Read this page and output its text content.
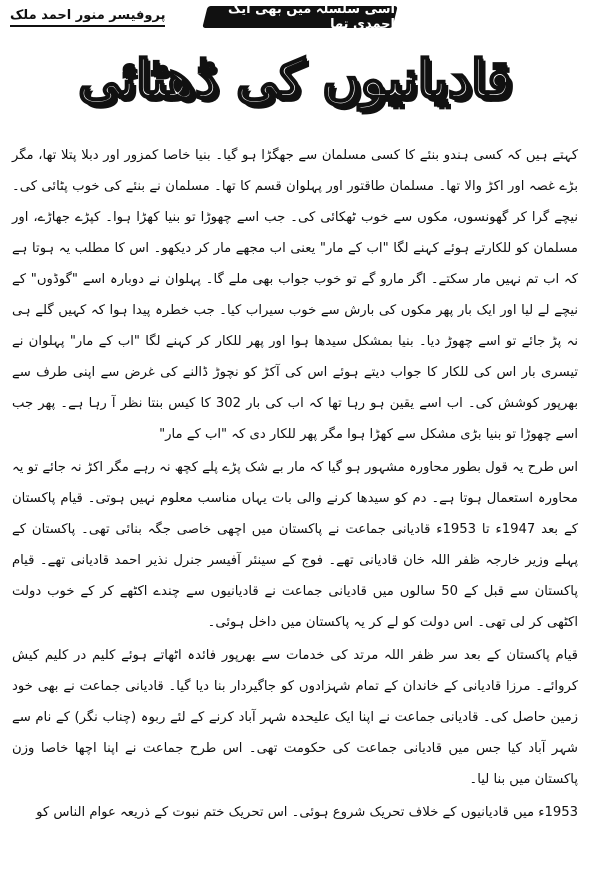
پروفیسر منور احمد ملک	اسی سلسلہ میں بھی ایک احمدی تھا
قادیانیوں کی ڈھٹائی

کہتے ہیں کہ کسی ہندو بنئے کا کسی مسلمان سے جھگڑا ہو گیا۔ بنیا خاصا کمزور اور دبلا پتلا تھا، مگر بڑے غصہ اور اکڑ والا تھا۔ مسلمان طاقتور اور پہلوان قسم کا تھا۔ مسلمان نے بنئے کی خوب پٹائی کی۔ نیچے گرا کر گھونسوں، مکوں سے خوب ٹھکائی کی۔ جب اسے چھوڑا تو بنیا کھڑا ہوا۔ کپڑے جھاڑے، اور مسلمان کو للکارتے ہوئے کہنے لگا "اب کے مار" یعنی اب مجھے مار کر دیکھو۔ اس کا مطلب یہ ہوتا ہے کہ اب تم نہیں مار سکتے۔ اگر مارو گے تو خوب جواب بھی ملے گا۔ پہلوان نے دوبارہ اسے "گوڈوں" کے نیچے لے لیا اور ایک بار پھر مکوں کی بارش سے خوب سیراب کیا۔ جب خطرہ پیدا ہوا کہ کہیں گلے ہی نہ پڑ جائے تو اسے چھوڑ دیا۔ بنیا بمشکل سیدھا ہوا اور پھر للکار کر کہنے لگا "اب کے مار" پہلوان نے تیسری بار اس کی للکار کا جواب دیتے ہوئے اس کی آکڑ کو نچوڑ ڈالنے کی غرض سے اپنی طرف سے بھرپور کوشش کی۔ اب اسے یقین ہو رہا تھا کہ اب کی بار 302 کا کیس بنتا نظر آ رہا ہے۔ پھر جب اسے چھوڑا تو بنیا بڑی مشکل سے کھڑا ہوا مگر پھر للکار دی کہ "اب کے مار"

اس طرح یہ قول بطور محاورہ مشہور ہو گیا کہ مار بے شک پڑے پلے کچھ نہ رہے مگر اکڑ نہ جائے تو یہ محاورہ استعمال ہوتا ہے۔ دم کو سیدھا کرنے والی بات یہاں مناسب معلوم نہیں ہوتی۔ قیام پاکستان کے بعد 1947ء تا 1953ء قادیانی جماعت نے پاکستان میں اچھی خاصی جگہ بنائی تھی۔ پاکستان کے پہلے وزیر خارجہ ظفر اللہ خان قادیانی تھے۔ فوج کے سینئر آفیسر جنرل نذیر احمد قادیانی تھے۔ قیام پاکستان سے قبل کے 50 سالوں میں قادیانی جماعت نے قادیانیوں سے چندے اکٹھے کر کے خوب دولت اکٹھی کر لی تھی۔ اس دولت کو لے کر یہ پاکستان میں داخل ہوئی۔

قیام پاکستان کے بعد سر ظفر اللہ مرتد کی خدمات سے بھرپور فائدہ اٹھاتے ہوئے کلیم در کلیم کیش کروائے۔ مرزا قادیانی کے خاندان کے تمام شہزادوں کو جاگیردار بنا دیا گیا۔ قادیانی جماعت نے بھی خود زمین حاصل کی۔ قادیانی جماعت نے اپنا ایک علیحدہ شہر آباد کرنے کے لئے ربوہ (چناب نگر) کے نام سے شہر آباد کیا جس میں قادیانی جماعت کی حکومت تھی۔ اس طرح جماعت نے اپنا اچھا خاصا وزن پاکستان میں بنا لیا۔

1953ء میں قادیانیوں کے خلاف تحریک شروع ہوئی۔ اس تحریک ختم نبوت کے ذریعہ عوام الناس کو
